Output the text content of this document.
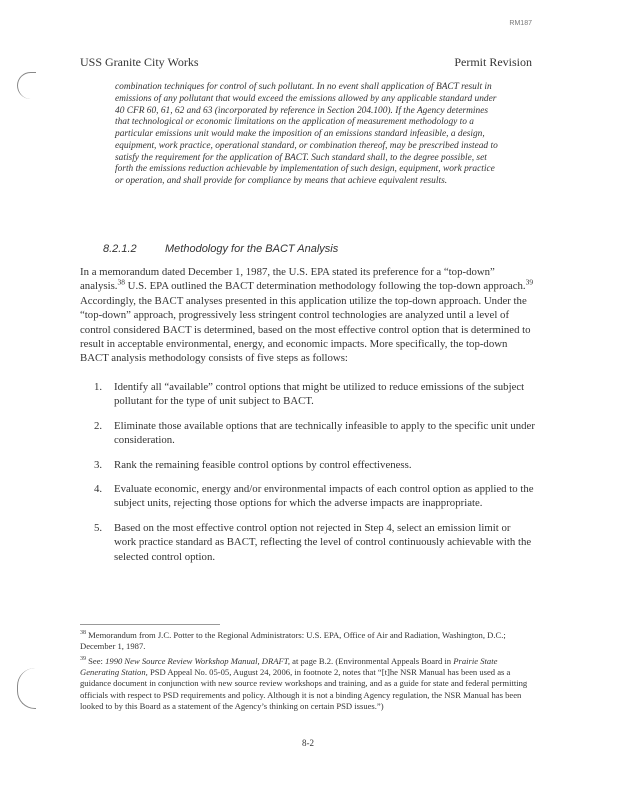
RM187
USS Granite City Works	Permit Revision

combination techniques for control of such pollutant. In no event shall application of BACT result in emissions of any pollutant that would exceed the emissions allowed by any applicable standard under 40 CFR 60, 61, 62 and 63 (incorporated by reference in Section 204.100). If the Agency determines that technological or economic limitations on the application of measurement methodology to a particular emissions unit would make the imposition of an emissions standard infeasible, a design, equipment, work practice, operational standard, or combination thereof, may be prescribed instead to satisfy the requirement for the application of BACT. Such standard shall, to the degree possible, set forth the emissions reduction achievable by implementation of such design, equipment, work practice or operation, and shall provide for compliance by means that achieve equivalent results.

8.2.1.2	Methodology for the BACT Analysis

In a memorandum dated December 1, 1987, the U.S. EPA stated its preference for a “top-down” analysis.$^{38}$ U.S. EPA outlined the BACT determination methodology following the top-down approach.$^{39}$ Accordingly, the BACT analyses presented in this application utilize the top-down approach. Under the “top-down” approach, progressively less stringent control technologies are analyzed until a level of control considered BACT is determined, based on the most effective control option that is determined to result in acceptable environmental, energy, and economic impacts. More specifically, the top-down BACT analysis methodology consists of five steps as follows:

1. Identify all “available” control options that might be utilized to reduce emissions of the subject pollutant for the type of unit subject to BACT.
2. Eliminate those available options that are technically infeasible to apply to the specific unit under consideration.
3. Rank the remaining feasible control options by control effectiveness.
4. Evaluate economic, energy and/or environmental impacts of each control option as applied to the subject units, rejecting those options for which the adverse impacts are inappropriate.
5. Based on the most effective control option not rejected in Step 4, select an emission limit or work practice standard as BACT, reflecting the level of control continuously achievable with the selected control option.

$^{38}$ Memorandum from J.C. Potter to the Regional Administrators: U.S. EPA, Office of Air and Radiation, Washington, D.C.; December 1, 1987.

$^{39}$ See: 1990 New Source Review Workshop Manual, DRAFT, at page B.2. (Environmental Appeals Board in Prairie State Generating Station, PSD Appeal No. 05-05, August 24, 2006, in footnote 2, notes that “[t]he NSR Manual has been used as a guidance document in conjunction with new source review workshops and training, and as a guide for state and federal permitting officials with respect to PSD requirements and policy. Although it is not a binding Agency regulation, the NSR Manual has been looked to by this Board as a statement of the Agency’s thinking on certain PSD issues.”)

8-2
